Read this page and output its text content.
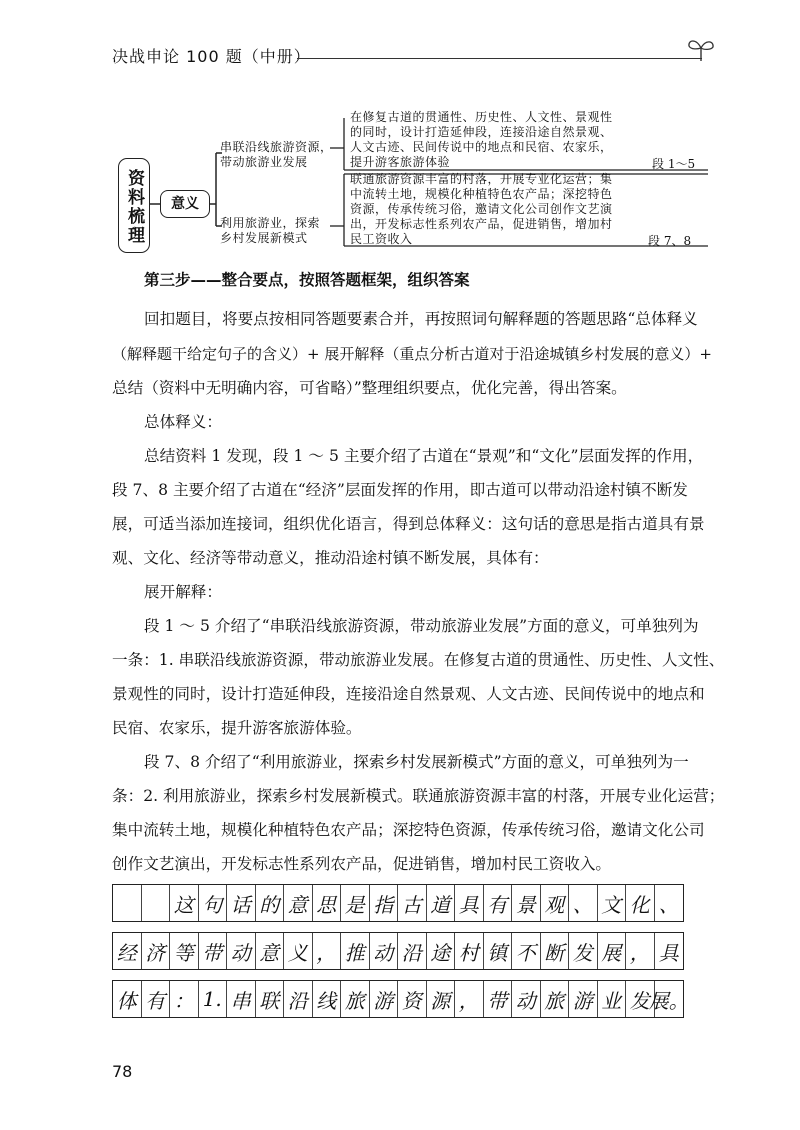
决战申论 100 题（中册）
资料梳理	意义
串联沿线旅游资源，
带动旅游业发展
在修复古道的贯通性、历史性、人文性、景观性
的同时，设计打造延伸段，连接沿途自然景观、
人文古迹、民间传说中的地点和民宿、农家乐，
提升游客旅游体验	段 1～5
利用旅游业，探索
乡村发展新模式
联通旅游资源丰富的村落，开展专业化运营；集
中流转土地，规模化种植特色农产品；深挖特色
资源，传承传统习俗，邀请文化公司创作文艺演
出，开发标志性系列农产品，促进销售，增加村
民工资收入	段 7、8
第三步——整合要点，按照答题框架，组织答案
回扣题目，将要点按相同答题要素合并，再按照词句解释题的答题思路“总体释义
（解释题干给定句子的含义）+ 展开解释（重点分析古道对于沿途城镇乡村发展的意义）+
总结（资料中无明确内容，可省略）”整理组织要点，优化完善，得出答案。
总体释义：
总结资料 1 发现，段 1 ～ 5 主要介绍了古道在“景观”和“文化”层面发挥的作用，
段 7、8 主要介绍了古道在“经济”层面发挥的作用，即古道可以带动沿途村镇不断发
展，可适当添加连接词，组织优化语言，得到总体释义：这句话的意思是指古道具有景
观、文化、经济等带动意义，推动沿途村镇不断发展，具体有：
展开解释：
段 1 ～ 5 介绍了“串联沿线旅游资源，带动旅游业发展”方面的意义，可单独列为
一条：1. 串联沿线旅游资源，带动旅游业发展。在修复古道的贯通性、历史性、人文性、
景观性的同时，设计打造延伸段，连接沿途自然景观、人文古迹、民间传说中的地点和
民宿、农家乐，提升游客旅游体验。
段 7、8 介绍了“利用旅游业，探索乡村发展新模式”方面的意义，可单独列为一
条：2. 利用旅游业，探索乡村发展新模式。联通旅游资源丰富的村落，开展专业化运营；
集中流转土地，规模化种植特色农产品；深挖特色资源，传承传统习俗，邀请文化公司
创作文艺演出，开发标志性系列农产品，促进销售，增加村民工资收入。
这 句 话 的 意 思 是 指 古 道 具 有 景 观 、 文 化 、
经 济 等 带 动 意 义 ， 推 动 沿 途 村 镇 不 断 发 展 ， 具
体 有 ： 1. 串 联 沿 线 旅 游 资 源 ， 带 动 旅 游 业 发 展。
78
